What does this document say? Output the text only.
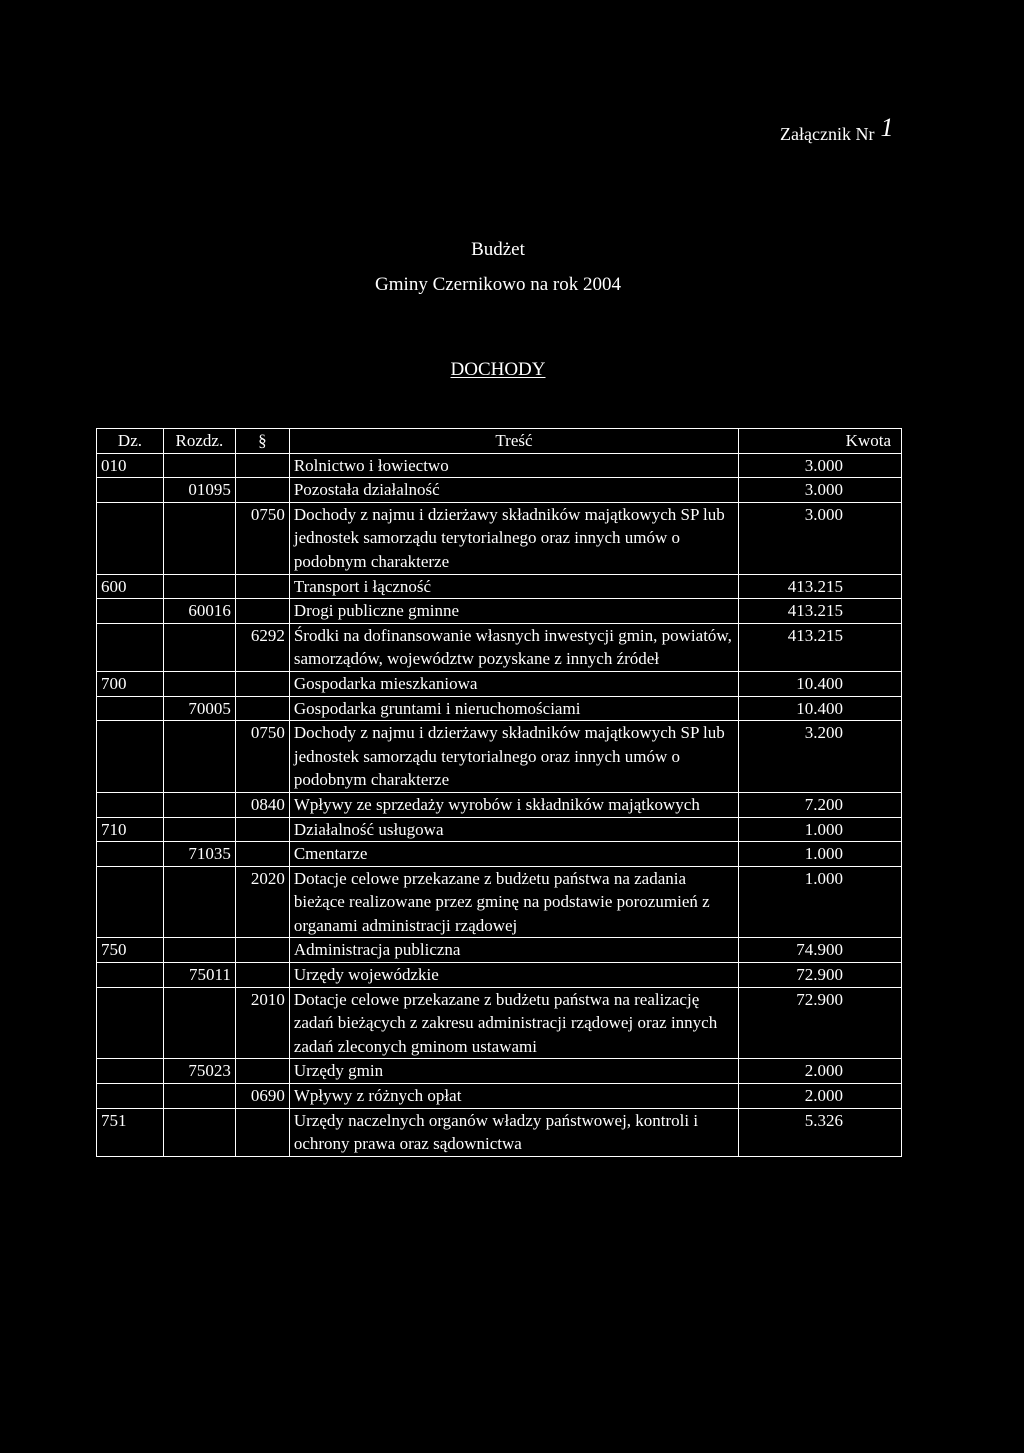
Załącznik Nr 1
Budżet
Gminy Czernikowo na rok 2004
DOCHODY
Dz.	Rozdz.	§	Treść	Kwota
010			Rolnictwo i łowiectwo	3.000
	01095		Pozostała działalność	3.000
		0750	Dochody z najmu i dzierżawy składników majątkowych SP lub jednostek samorządu terytorialnego oraz innych umów o podobnym charakterze	3.000
600			Transport i łączność	413.215
	60016		Drogi publiczne gminne	413.215
		6292	Środki na dofinansowanie własnych inwestycji gmin, powiatów, samorządów, województw pozyskane z innych źródeł	413.215
700			Gospodarka mieszkaniowa	10.400
	70005		Gospodarka gruntami i nieruchomościami	10.400
		0750	Dochody z najmu i dzierżawy składników majątkowych SP lub jednostek samorządu terytorialnego oraz innych umów o podobnym charakterze	3.200
		0840	Wpływy ze sprzedaży wyrobów i składników majątkowych	7.200
710			Działalność usługowa	1.000
	71035		Cmentarze	1.000
		2020	Dotacje celowe przekazane z budżetu państwa na zadania bieżące realizowane przez gminę na podstawie porozumień z organami administracji rządowej	1.000
750			Administracja publiczna	74.900
	75011		Urzędy wojewódzkie	72.900
		2010	Dotacje celowe przekazane z budżetu państwa na realizację zadań bieżących z zakresu administracji rządowej oraz innych zadań zleconych gminom ustawami	72.900
	75023		Urzędy gmin	2.000
		0690	Wpływy z różnych opłat	2.000
751			Urzędy naczelnych organów władzy państwowej, kontroli i ochrony prawa oraz sądownictwa	5.326
